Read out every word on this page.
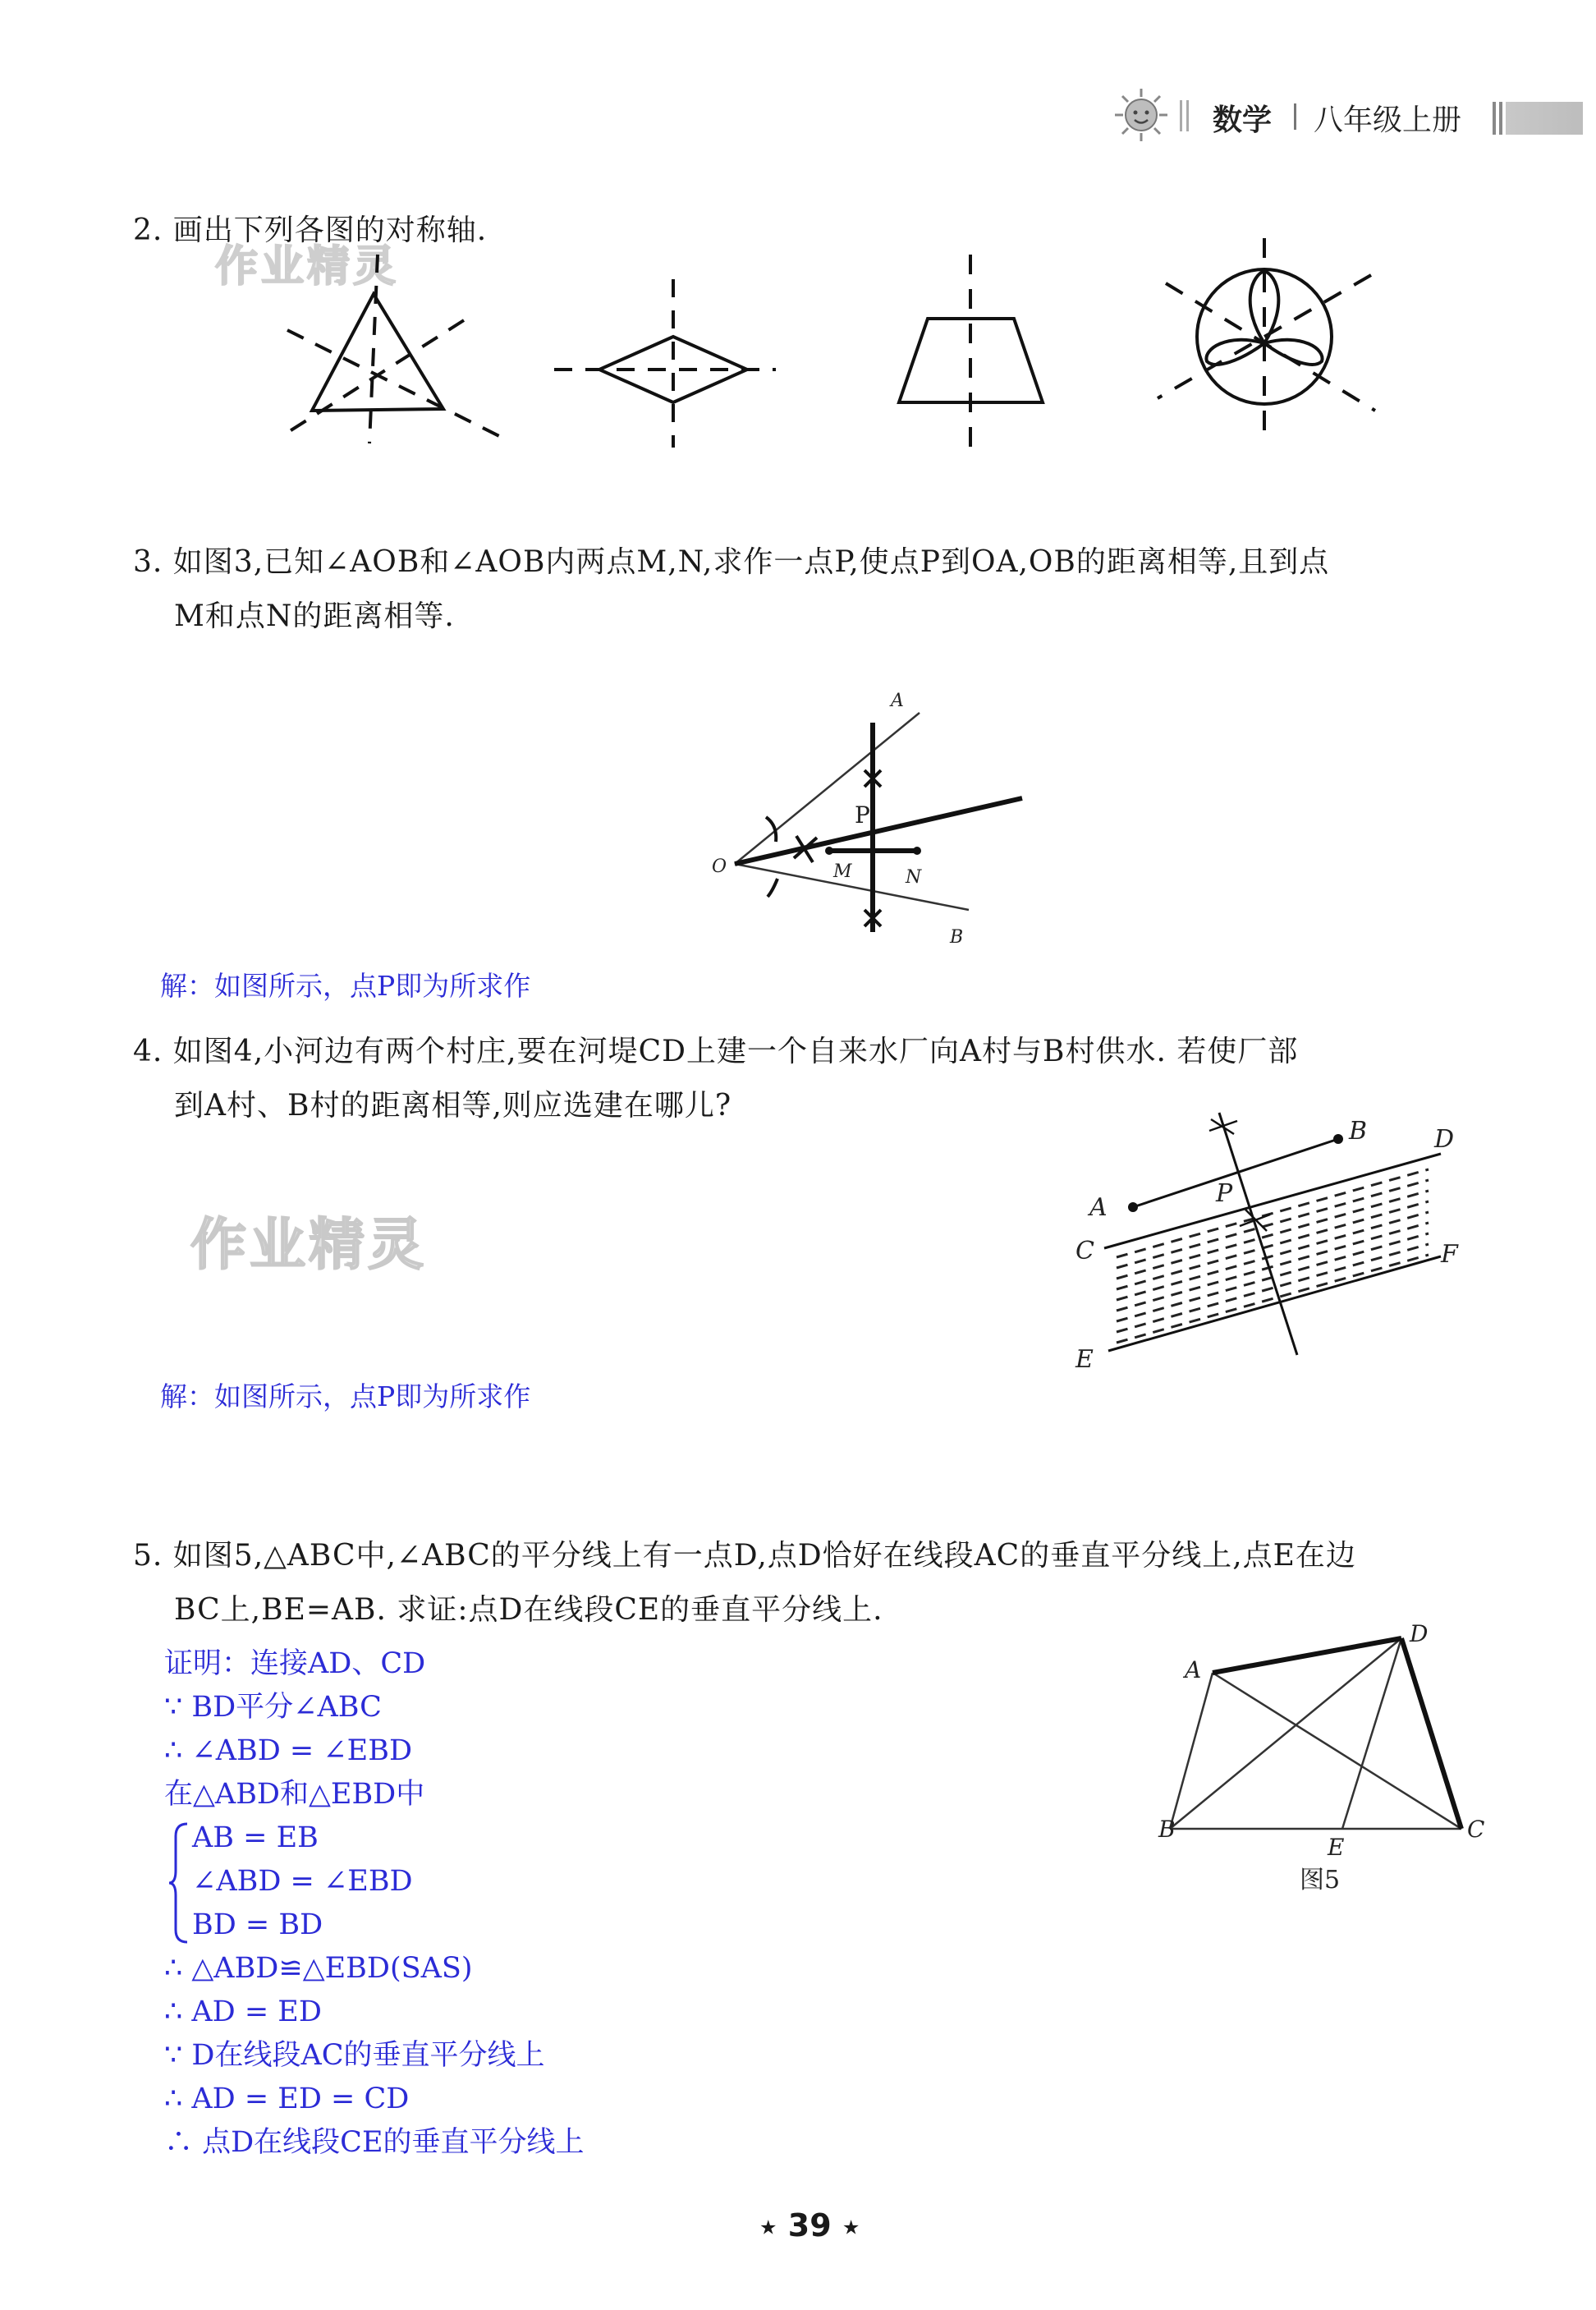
数学 八年级上册
2. 画出下列各图的对称轴.
作业精灵
3. 如图3,已知∠AOB和∠AOB内两点M,N,求作一点P,使点P到OA,OB的距离相等,且到点
M和点N的距离相等.
A
P
O	M	N
B
解：如图所示，点P即为所求作
4. 如图4,小河边有两个村庄,要在河堤CD上建一个自来水厂向A村与B村供水. 若使厂部
到A村、B村的距离相等,则应选建在哪儿?
作业精灵
B	D
A	P
C	F
E
解：如图所示，点P即为所求作
5. 如图5,△ABC中,∠ABC的平分线上有一点D,点D恰好在线段AC的垂直平分线上,点E在边
BC上,BE=AB. 求证:点D在线段CE的垂直平分线上.
证明：连接AD、CD
∵ BD平分∠ABC
∴ ∠ABD = ∠EBD
在△ABD和△EBD中
AB = EB
∠ABD = ∠EBD
BD = BD
∴ △ABD≌△EBD(SAS)
∴ AD = ED
∵ D在线段AC的垂直平分线上
∴ AD = ED = CD
∴ 点D在线段CE的垂直平分线上
A
D
B
E
C
图5
★ 39 ★
